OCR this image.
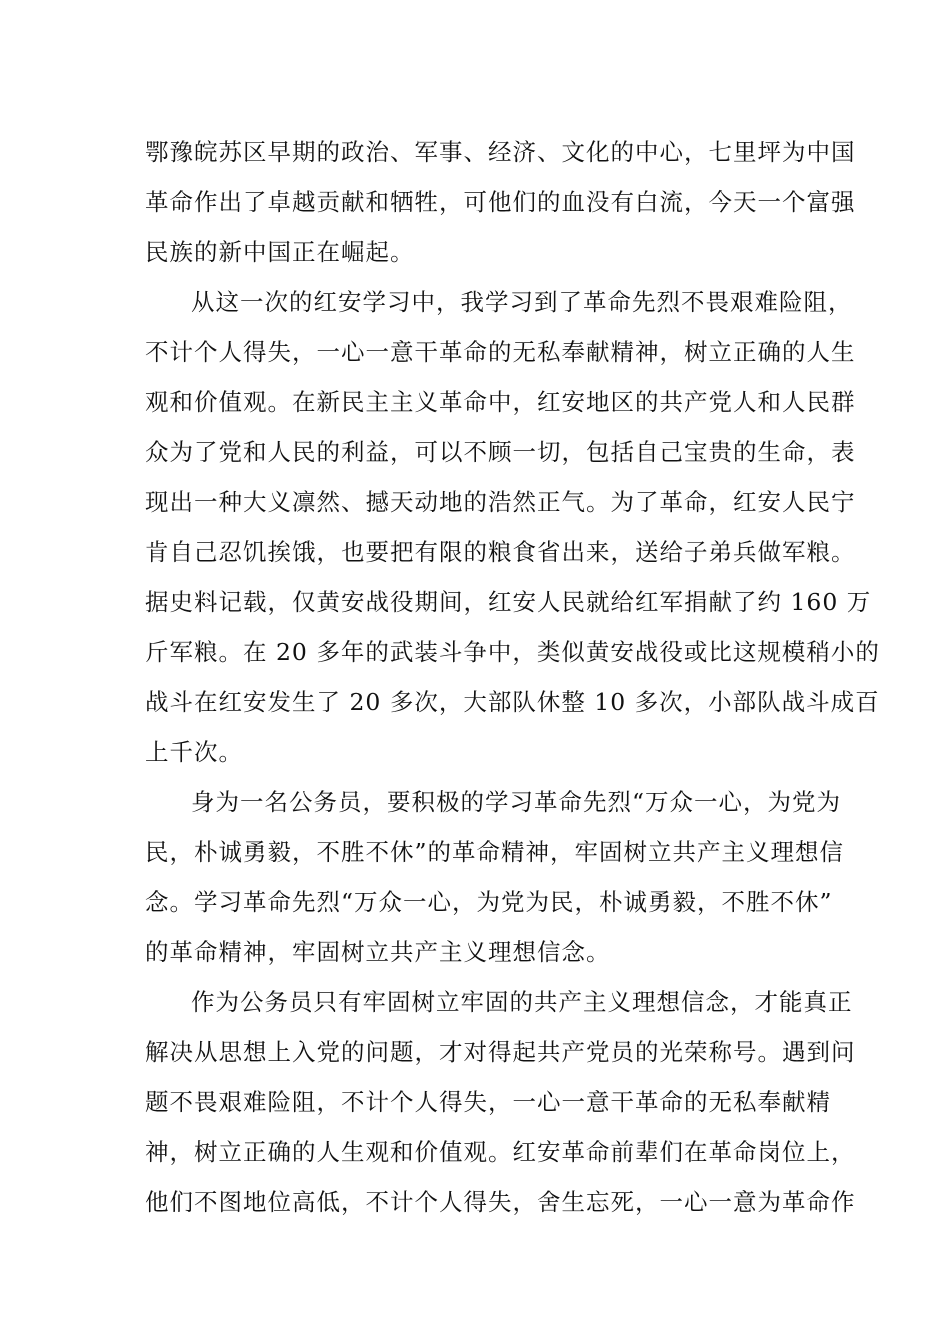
鄂豫皖苏区早期的政治、军事、经济、文化的中心，七里坪为中国
革命作出了卓越贡献和牺牲，可他们的血没有白流，今天一个富强
民族的新中国正在崛起。
从这一次的红安学习中，我学习到了革命先烈不畏艰难险阻，
不计个人得失，一心一意干革命的无私奉献精神，树立正确的人生
观和价值观。在新民主主义革命中，红安地区的共产党人和人民群
众为了党和人民的利益，可以不顾一切，包括自己宝贵的生命，表
现出一种大义凛然、撼天动地的浩然正气。为了革命，红安人民宁
肯自己忍饥挨饿，也要把有限的粮食省出来，送给子弟兵做军粮。
据史料记载，仅黄安战役期间，红安人民就给红军捐献了约 160 万
斤军粮。在 20 多年的武装斗争中，类似黄安战役或比这规模稍小的
战斗在红安发生了 20 多次，大部队休整 10 多次，小部队战斗成百
上千次。
身为一名公务员，要积极的学习革命先烈“万众一心，为党为
民，朴诚勇毅，不胜不休”的革命精神，牢固树立共产主义理想信
念。学习革命先烈“万众一心，为党为民，朴诚勇毅，不胜不休”
的革命精神，牢固树立共产主义理想信念。
作为公务员只有牢固树立牢固的共产主义理想信念，才能真正
解决从思想上入党的问题，才对得起共产党员的光荣称号。遇到问
题不畏艰难险阻，不计个人得失，一心一意干革命的无私奉献精
神，树立正确的人生观和价值观。红安革命前辈们在革命岗位上，
他们不图地位高低，不计个人得失，舍生忘死，一心一意为革命作
